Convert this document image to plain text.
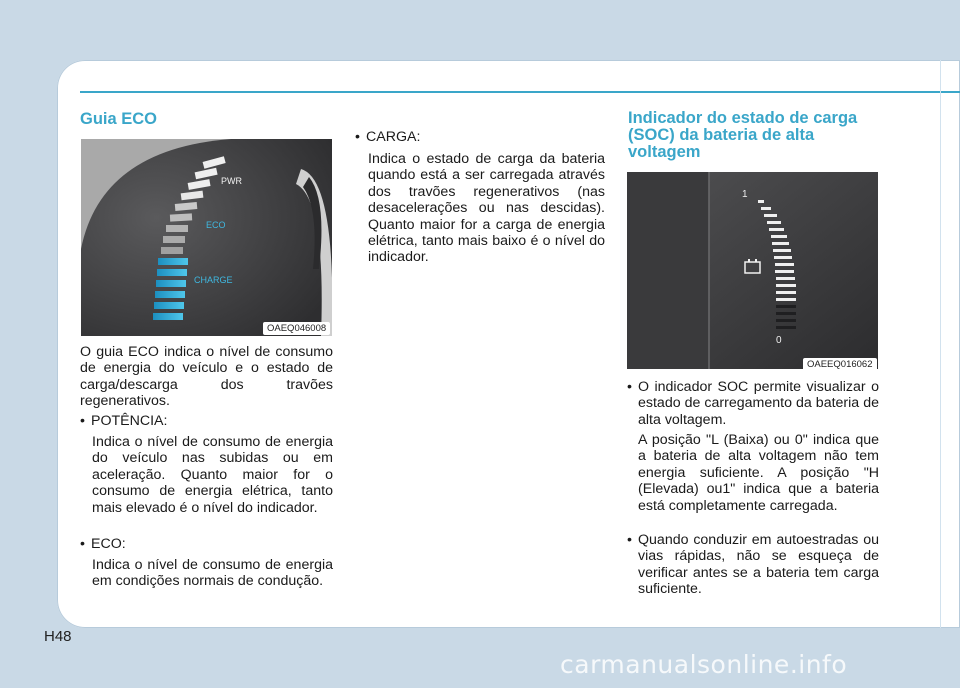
Guia ECO
PWR
ECO
CHARGE
OAEQ046008

O guia ECO indica o nível de consumo de energia do veículo e o estado de carga/descarga dos travões regenerativos.

• POTÊNCIA:

Indica o nível de consumo de energia do veículo nas subidas ou em aceleração. Quanto maior for o consumo de energia elétrica, tanto mais elevado é o nível do indicador.

• ECO:

Indica o nível de consumo de energia em condições normais de condução.

• CARGA:

Indica o estado de carga da bateria quando está a ser carregada através dos travões regenerativos (nas desacelerações ou nas descidas). Quanto maior for a carga de energia elétrica, tanto mais baixo é o nível do indicador.

Indicador do estado de carga (SOC) da bateria de alta voltagem
1
0
OAEEQ016062
• O indicador SOC permite visualizar o estado de carregamento da bateria de alta voltagem.

A posição "L (Baixa) ou 0" indica que a bateria de alta voltagem não tem energia suficiente. A posição "H (Elevada) ou1" indica que a bateria está completamente carregada.

• Quando conduzir em autoestradas ou vias rápidas, não se esqueça de verificar antes se a bateria tem carga suficiente.

H48
carmanualsonline.info
